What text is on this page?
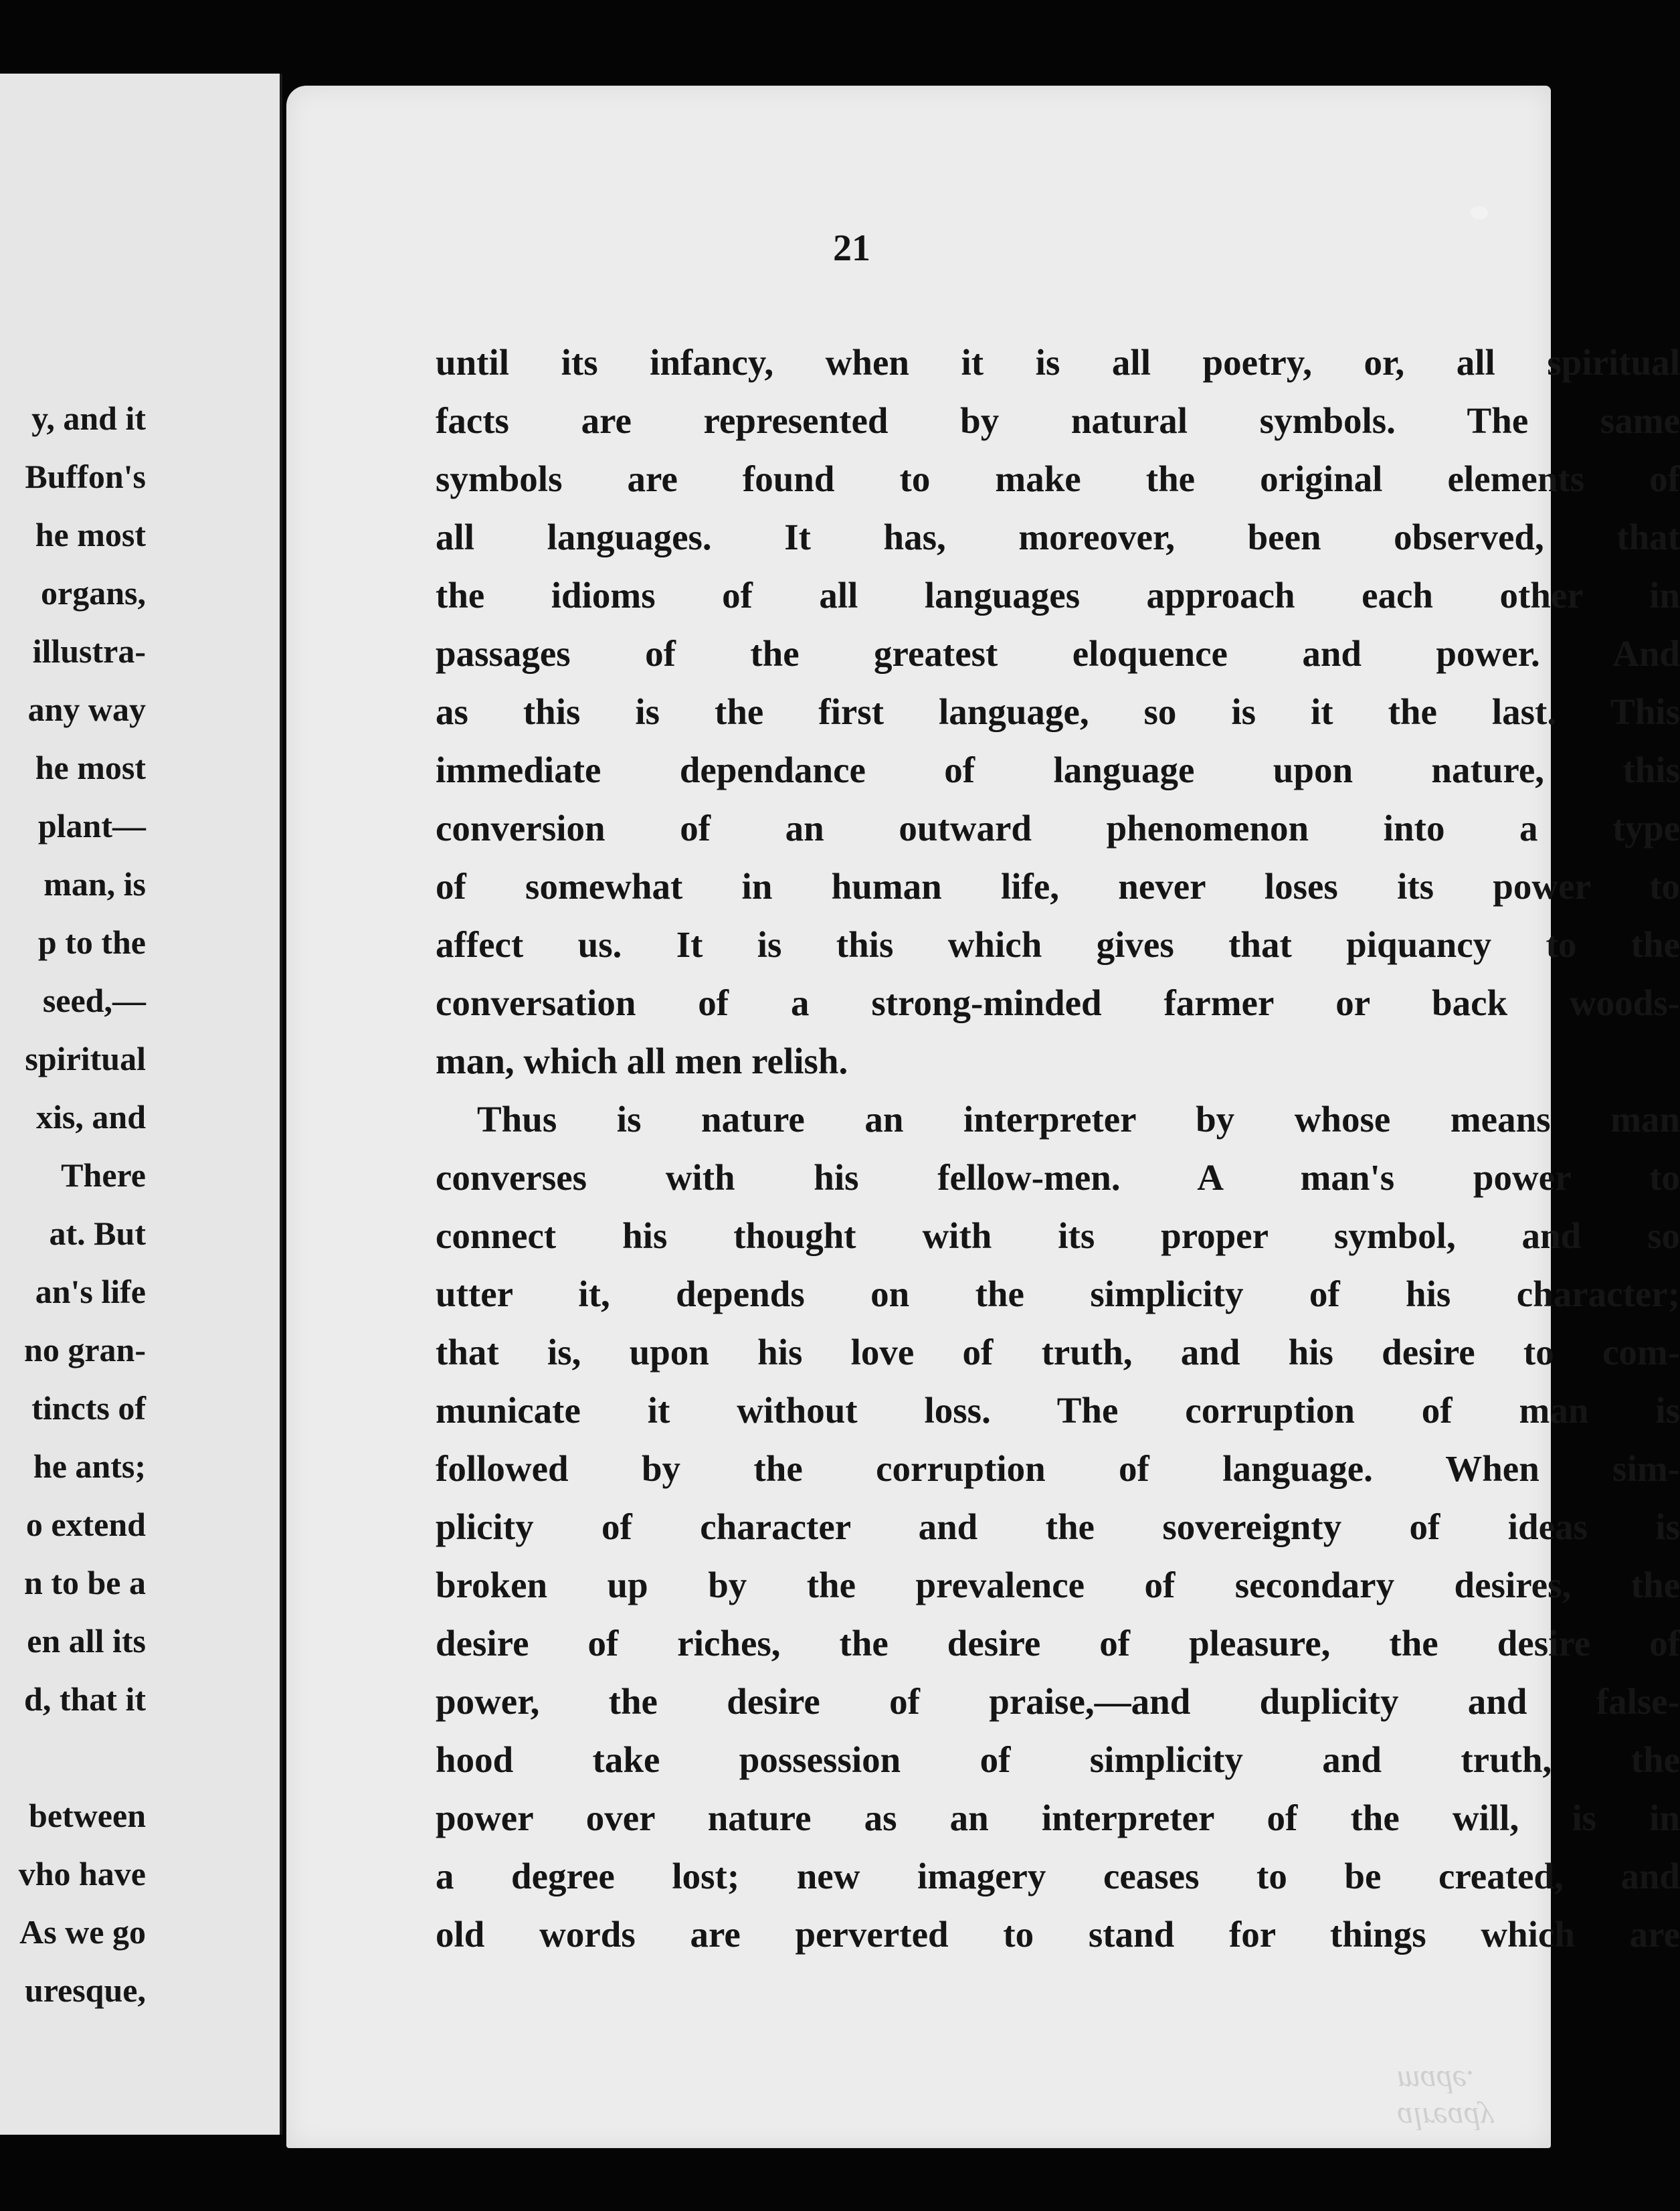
y, and it
Buffon's
he most
organs,
illustra-
any way
he most
plant—
man, is
p to the
seed,—
spiritual
xis, and
There
at. But
an's life
no gran-
tincts of
he ants;
o extend
n to be a
en all its
d, that it
between
vho have
As we go
uresque,
21
until its infancy, when it is all poetry, or, all spiritual
facts are represented by natural symbols. The same
symbols are found to make the original elements of
all languages. It has, moreover, been observed, that
the idioms of all languages approach each other in
passages of the greatest eloquence and power. And
as this is the first language, so is it the last. This
immediate dependance of language upon nature, this
conversion of an outward phenomenon into a type
of somewhat in human life, never loses its power to
affect us. It is this which gives that piquancy to the
conversation of a strong-minded farmer or back woods-
man, which all men relish.
Thus is nature an interpreter by whose means man
converses with his fellow-men. A man's power to
connect his thought with its proper symbol, and so
utter it, depends on the simplicity of his character;
that is, upon his love of truth, and his desire to com-
municate it without loss. The corruption of man is
followed by the corruption of language. When sim-
plicity of character and the sovereignty of ideas is
broken up by the prevalence of secondary desires, the
desire of riches, the desire of pleasure, the desire of
power, the desire of praise,—and duplicity and false-
hood take possession of simplicity and truth, the
power over nature as an interpreter of the will, is in
a degree lost; new imagery ceases to be created, and
old words are perverted to stand for things which are
already made.
